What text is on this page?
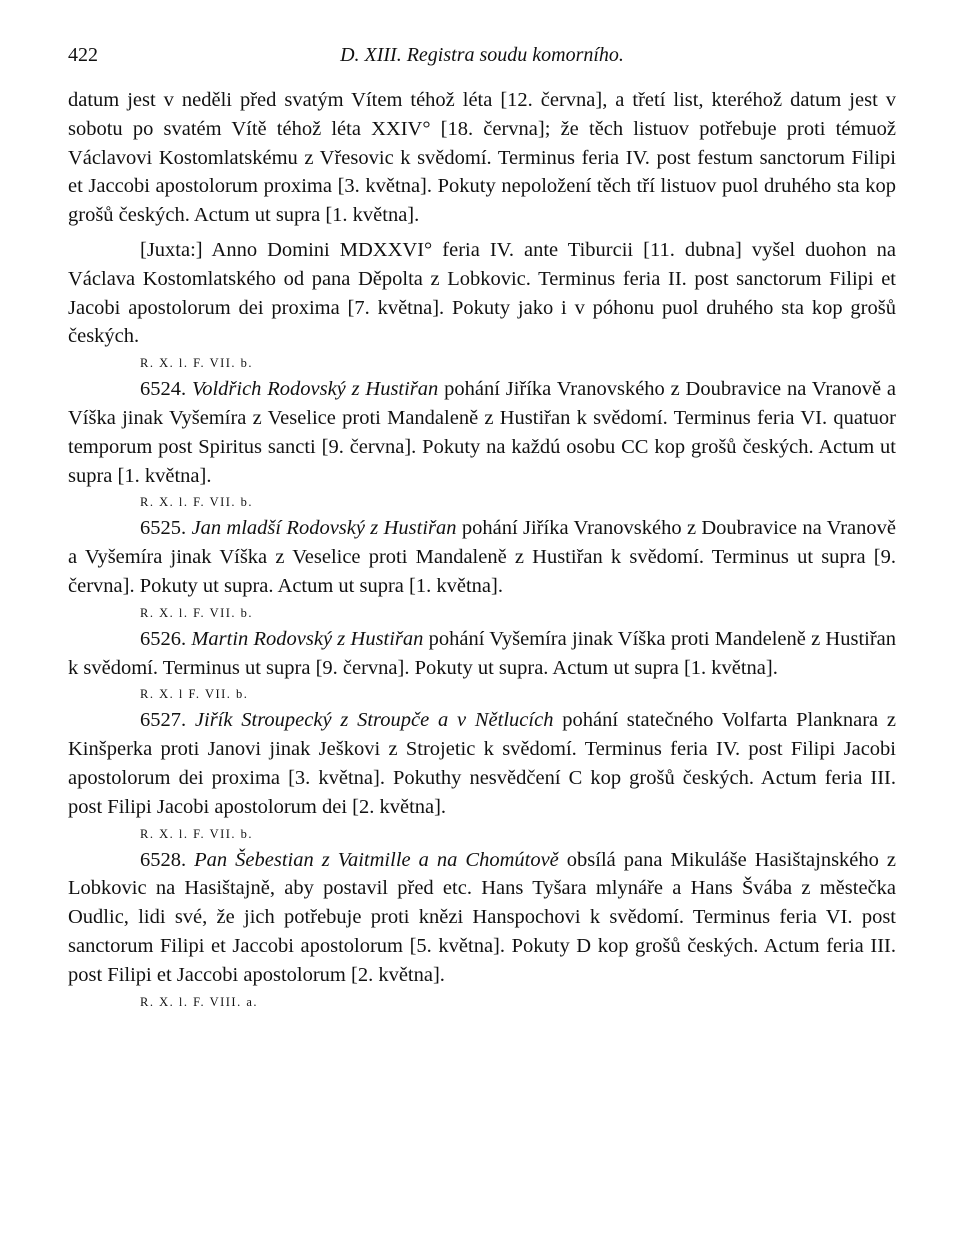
422	D. XIII. Registra soudu komorního.

datum jest v neděli před svatým Vítem téhož léta [12. června], a třetí list, kteréhož datum jest v sobotu po svatém Vítě téhož léta XXIV° [18. června]; že těch listuov potřebuje proti témuož Václavovi Kostomlatskému z Vřesovic k svědomí. Terminus feria IV. post festum sanctorum Filipi et Jaccobi apostolorum proxima [3. května]. Pokuty nepoložení těch tří listuov puol druhého sta kop grošů českých. Actum ut supra [1. května].

[Juxta:] Anno Domini MDXXVI° feria IV. ante Tiburcii [11. dubna] vyšel duohon na Václava Kostomlatského od pana Děpolta z Lobkovic. Terminus feria II. post sanctorum Filipi et Jacobi apostolorum dei proxima [7. května]. Pokuty jako i v póhonu puol druhého sta kop grošů českých.

R. X. l. F. VII. b.

6524. Voldřich Rodovský z Hustiřan pohání Jiříka Vranovského z Doubravice na Vranově a Víška jinak Vyšemíra z Veselice proti Mandaleně z Hustiřan k svědomí. Terminus feria VI. quatuor temporum post Spiritus sancti [9. června]. Pokuty na každú osobu CC kop grošů českých. Actum ut supra [1. května].

R. X. l. F. VII. b.

6525. Jan mladší Rodovský z Hustiřan pohání Jiříka Vranovského z Doubravice na Vranově a Vyšemíra jinak Víška z Veselice proti Mandaleně z Hustiřan k svědomí. Terminus ut supra [9. června]. Pokuty ut supra. Actum ut supra [1. května].

R. X. l. F. VII. b.

6526. Martin Rodovský z Hustiřan pohání Vyšemíra jinak Víška proti Mandeleně z Hustiřan k svědomí. Terminus ut supra [9. června]. Pokuty ut supra. Actum ut supra [1. května].

R. X. l F. VII. b.

6527. Jiřík Stroupecký z Stroupče a v Nětlucích pohání statečného Volfarta Planknara z Kinšperka proti Janovi jinak Ješkovi z Strojetic k svědomí. Terminus feria IV. post Filipi Jacobi apostolorum dei proxima [3. května]. Pokuthy nesvědčení C kop grošů českých. Actum feria III. post Filipi Jacobi apostolorum dei [2. května].

R. X. l. F. VII. b.

6528. Pan Šebestian z Vaitmille a na Chomútově obsílá pana Mikuláše Hasištajnského z Lobkovic na Hasištajně, aby postavil před etc. Hans Tyšara mlynáře a Hans Švába z městečka Oudlic, lidi své, že jich potřebuje proti knězi Hanspochovi k svědomí. Terminus feria VI. post sanctorum Filipi et Jaccobi apostolorum [5. května]. Pokuty D kop grošů českých. Actum feria III. post Filipi et Jaccobi apostolorum [2. května].

R. X. l. F. VIII. a.
